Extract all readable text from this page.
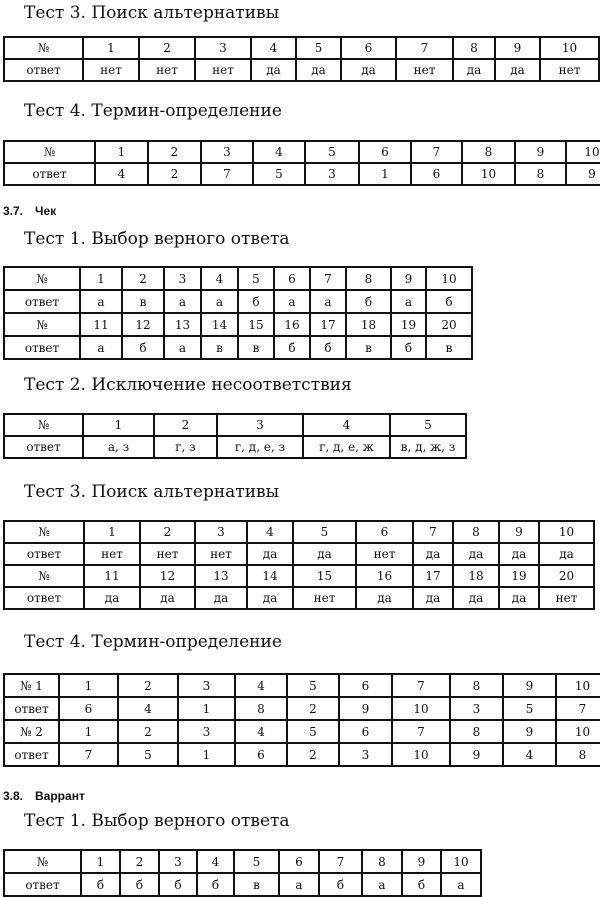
Тест 3. Поиск альтернативы
№	1	2	3	4	5	6	7	8	9	10
ответ	нет	нет	нет	да	да	да	нет	да	да	нет
Тест 4. Термин-определение
№	1	2	3	4	5	6	7	8	9	10
ответ	4	2	7	5	3	1	6	10	8	9
3.7. Чек
Тест 1. Выбор верного ответа
№	1	2	3	4	5	6	7	8	9	10
ответ	а	в	а	а	б	а	а	б	а	б
№	11	12	13	14	15	16	17	18	19	20
ответ	а	б	а	в	в	б	б	в	б	в
Тест 2. Исключение несоответствия
№	1	2	3	4	5
ответ	а, з	г, з	г, д, е, з	г, д, е, ж	в, д, ж, з
Тест 3. Поиск альтернативы
№	1	2	3	4	5	6	7	8	9	10
ответ	нет	нет	нет	да	да	нет	да	да	да	да
№	11	12	13	14	15	16	17	18	19	20
ответ	да	да	да	да	нет	да	да	да	да	нет
Тест 4. Термин-определение
№ 1	1	2	3	4	5	6	7	8	9	10
ответ	6	4	1	8	2	9	10	3	5	7
№ 2	1	2	3	4	5	6	7	8	9	10
ответ	7	5	1	6	2	3	10	9	4	8
3.8. Варрант
Тест 1. Выбор верного ответа
№	1	2	3	4	5	6	7	8	9	10
ответ	б	б	б	б	в	а	б	а	б	а
